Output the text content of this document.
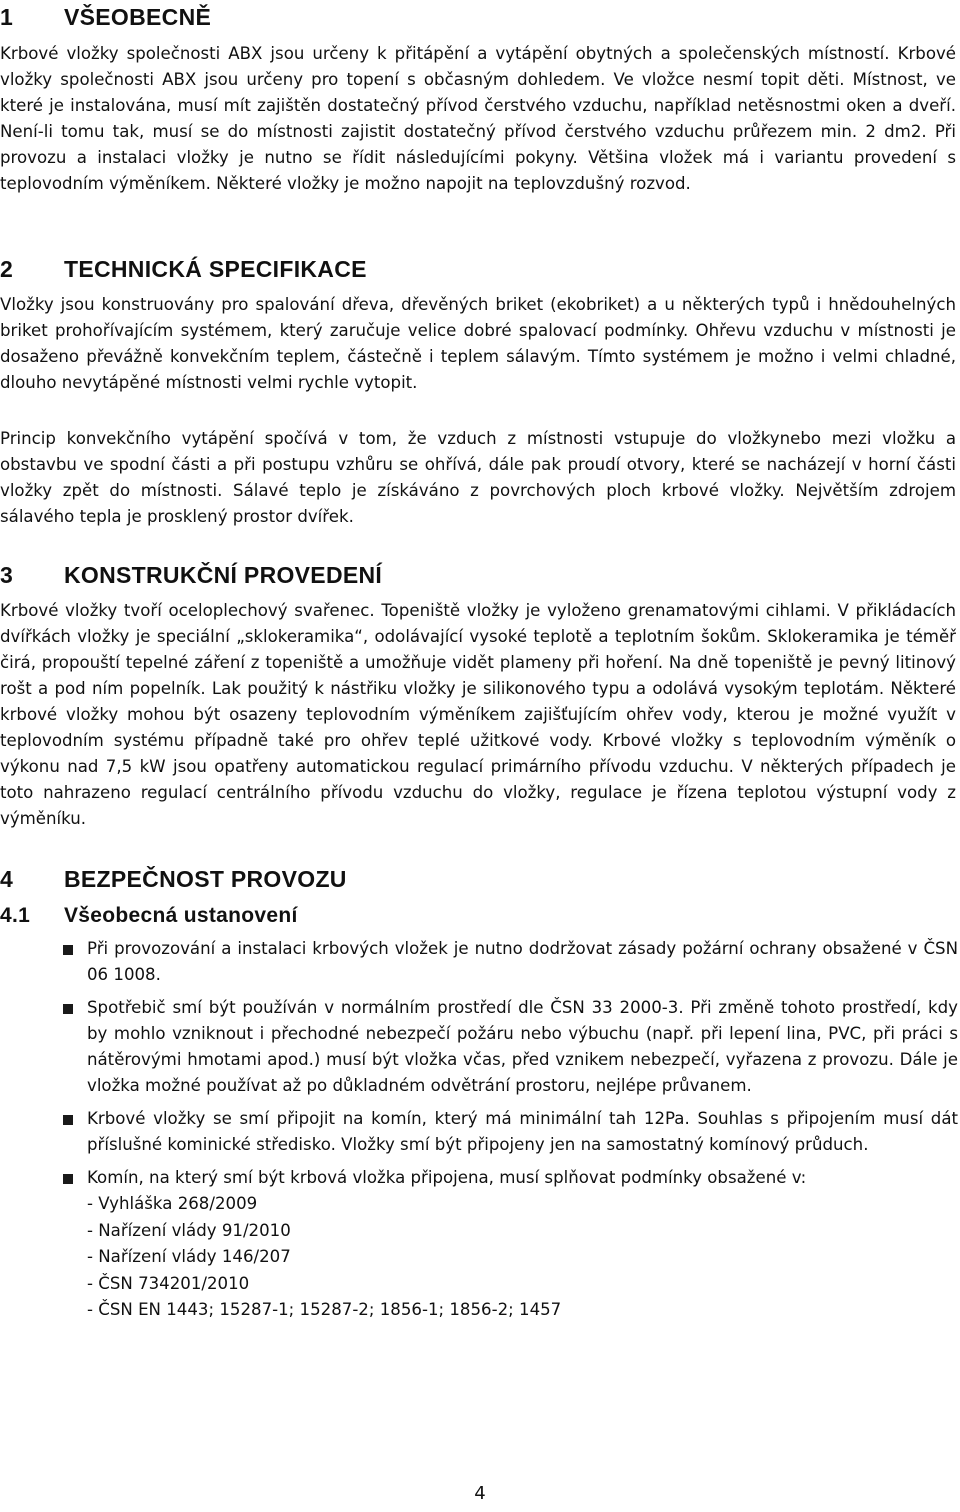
1 VŠEOBECNĚ

Krbové vložky společnosti ABX jsou určeny k přitápění a vytápění obytných a společenských místností. Krbové vložky společnosti ABX jsou určeny pro topení s občasným dohledem. Ve vložce nesmí topit děti. Místnost, ve které je instalována, musí mít zajištěn dostatečný přívod čerstvého vzduchu, například netěsnostmi oken a dveří. Není-li tomu tak, musí se do místnosti zajistit dostatečný přívod čerstvého vzduchu průřezem min. 2 dm2. Při provozu a instalaci vložky je nutno se řídit následujícími pokyny. Většina vložek má i variantu provedení s teplovodním výměníkem. Některé vložky je možno napojit na teplovzdušný rozvod.

2 TECHNICKÁ SPECIFIKACE

Vložky jsou konstruovány pro spalování dřeva, dřevěných briket (ekobriket) a u některých typů i hnědouhelných briket prohořívajícím systémem, který zaručuje velice dobré spalovací podmínky. Ohřevu vzduchu v místnosti je dosaženo převážně konvekčním teplem, částečně i teplem sálavým. Tímto systémem je možno i velmi chladné, dlouho nevytápěné místnosti velmi rychle vytopit.

Princip konvekčního vytápění spočívá v tom, že vzduch z místnosti vstupuje do vložkynebo mezi vložku a obstavbu ve spodní části a při postupu vzhůru se ohřívá, dále pak proudí otvory, které se nacházejí v horní části vložky zpět do místnosti. Sálavé teplo je získáváno z povrchových ploch krbové vložky. Největším zdrojem sálavého tepla je prosklený prostor dvířek.

3 KONSTRUKČNÍ PROVEDENÍ

Krbové vložky tvoří oceloplechový svařenec. Topeniště vložky je vyloženo grenamatovými cihlami. V přikládacích dvířkách vložky je speciální „sklokeramika“, odolávající vysoké teplotě a teplotním šokům. Sklokeramika je téměř čirá, propouští tepelné záření z topeniště a umožňuje vidět plameny při hoření. Na dně topeniště je pevný litinový rošt a pod ním popelník. Lak použitý k nástřiku vložky je silikonového typu a odolává vysokým teplotám. Některé krbové vložky mohou být osazeny teplovodním výměníkem zajišťujícím ohřev vody, kterou je možné využít v teplovodním systému případně také pro ohřev teplé užitkové vody. Krbové vložky s teplovodním výměník o výkonu nad 7,5 kW jsou opatřeny automatickou regulací primárního přívodu vzduchu. V některých případech je toto nahrazeno regulací centrálního přívodu vzduchu do vložky, regulace je řízena teplotou výstupní vody z výměníku.

4 BEZPEČNOST PROVOZU
4.1 Všeobecná ustanovení
Při provozování a instalaci krbových vložek je nutno dodržovat zásady požární ochrany obsažené v ČSN 06 1008.
Spotřebič smí být používán v normálním prostředí dle ČSN 33 2000-3. Při změně tohoto prostředí, kdy by mohlo vzniknout i přechodné nebezpečí požáru nebo výbuchu (např. při lepení lina, PVC, při práci s nátěrovými hmotami apod.) musí být vložka včas, před vznikem nebezpečí, vyřazena z provozu. Dále je vložka možné používat až po důkladném odvětrání prostoru, nejlépe průvanem.
Krbové vložky se smí připojit na komín, který má minimální tah 12Pa. Souhlas s připojením musí dát příslušné kominické středisko. Vložky smí být připojeny jen na samostatný komínový průduch.
Komín, na který smí být krbová vložka připojena, musí splňovat podmínky obsažené v:
- Vyhláška 268/2009
- Nařízení vlády 91/2010
- Nařízení vlády 146/207
- ČSN 734201/2010
- ČSN EN 1443; 15287-1; 15287-2; 1856-1; 1856-2; 1457
4
